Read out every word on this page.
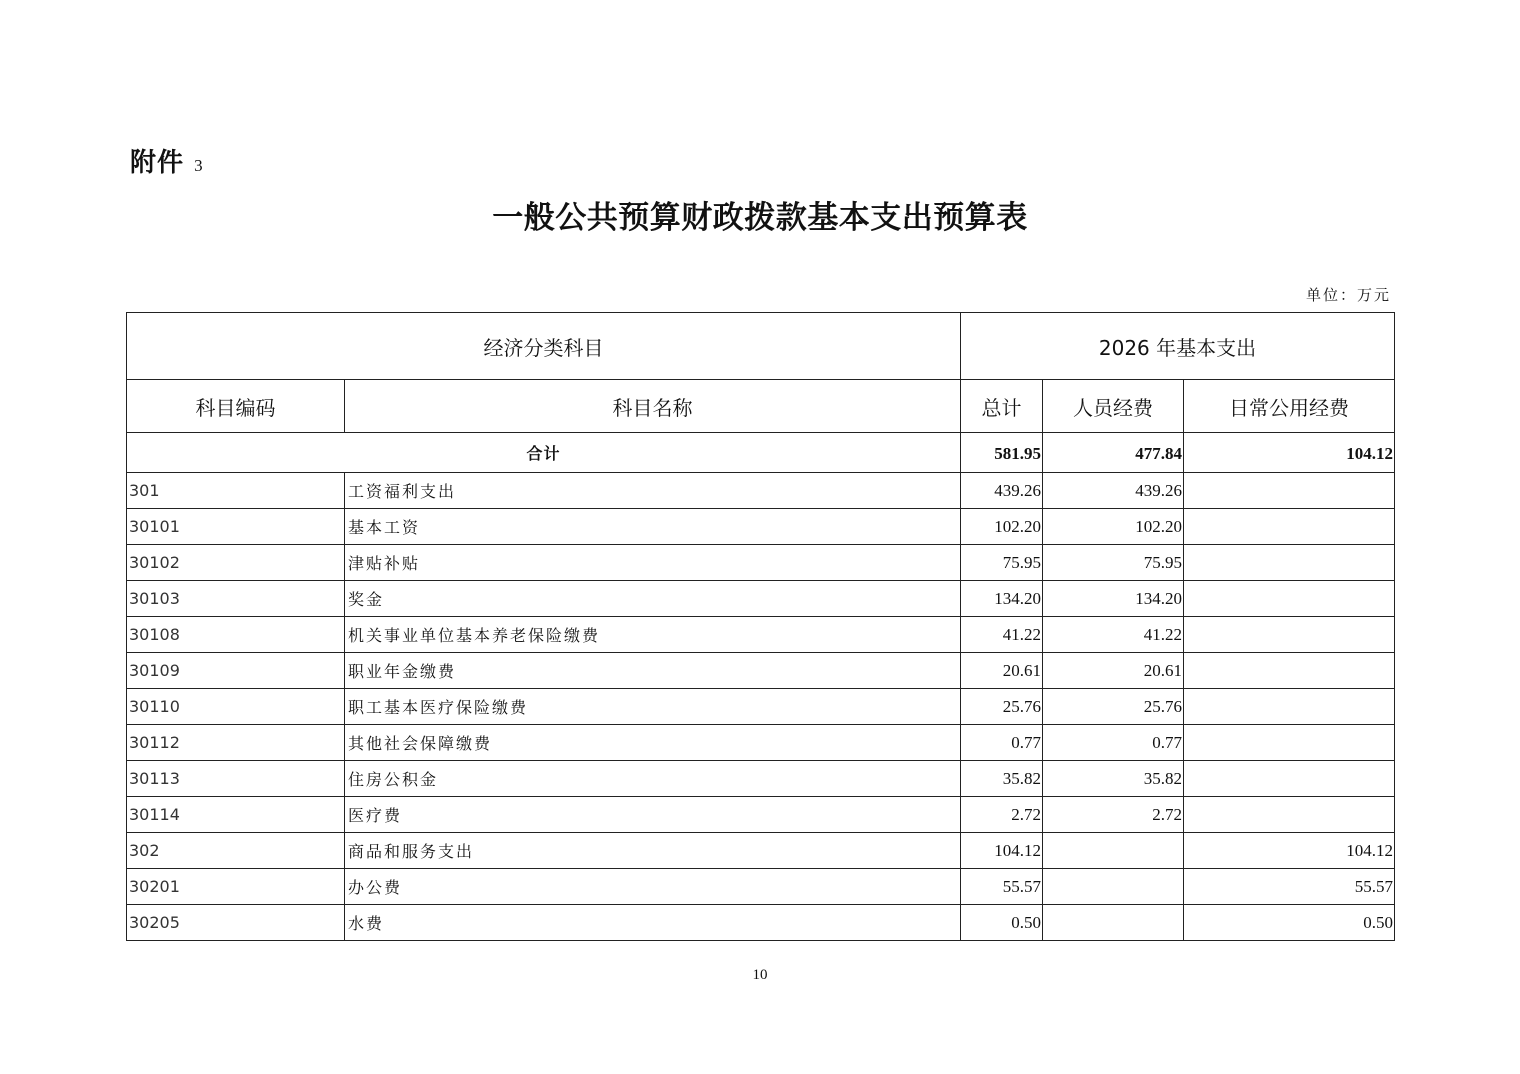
附件 3
一般公共预算财政拨款基本支出预算表
单位：万元
经济分类科目		2026 年基本支出		
科目编码	科目名称	总计	人员经费	日常公用经费
合计		581.95	477.84	104.12
301	工资福利支出	439.26	439.26	
30101	基本工资	102.20	102.20	
30102	津贴补贴	75.95	75.95	
30103	奖金	134.20	134.20	
30108	机关事业单位基本养老保险缴费	41.22	41.22	
30109	职业年金缴费	20.61	20.61	
30110	职工基本医疗保险缴费	25.76	25.76	
30112	其他社会保障缴费	0.77	0.77	
30113	住房公积金	35.82	35.82	
30114	医疗费	2.72	2.72	
302	商品和服务支出	104.12		104.12
30201	办公费	55.57		55.57
30205	水费	0.50		0.50
10
